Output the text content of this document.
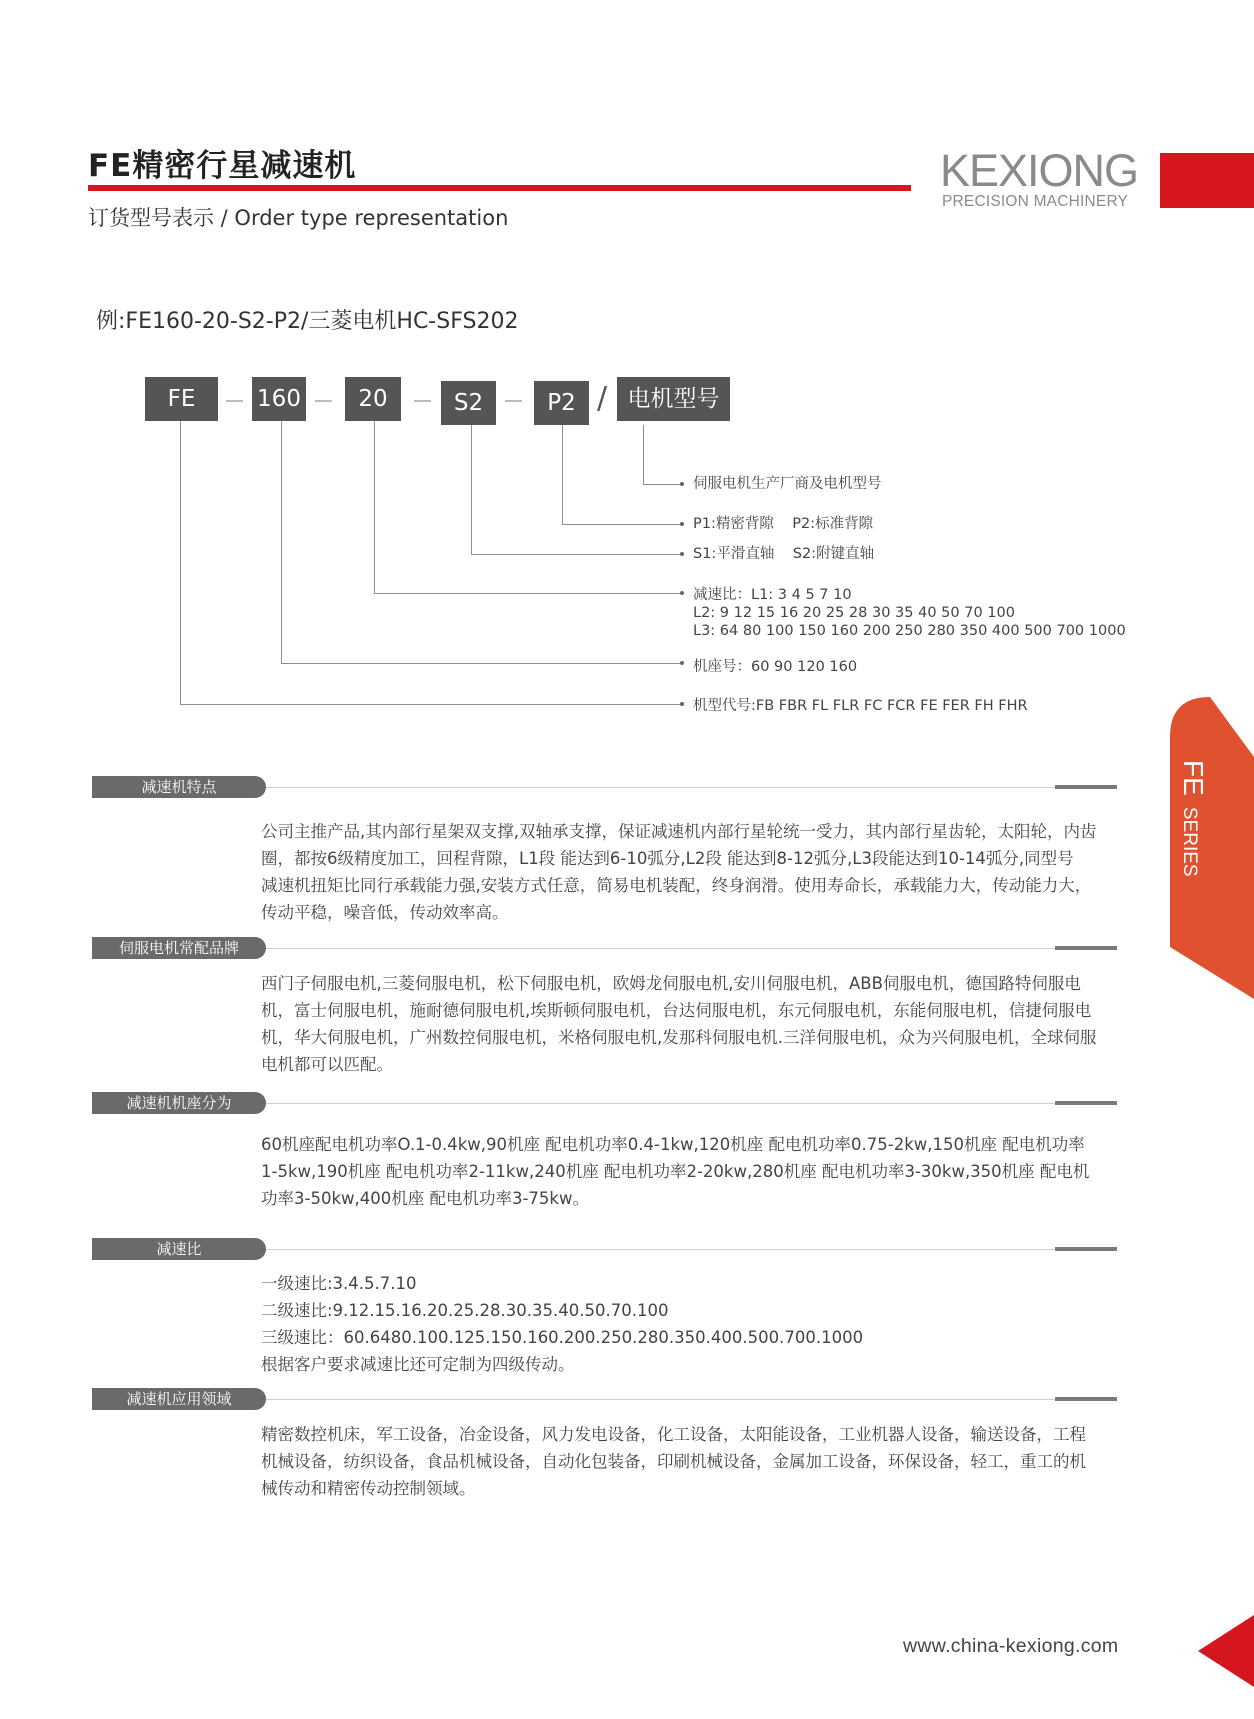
FE精密行星减速机
订货型号表示 / Order type representation
KEXIONG
PRECISION MACHINERY
例:FE160-20-S2-P2/三菱电机HC-SFS202
FE	160	20	S2	P2 / 电机型号
伺服电机生产厂商及电机型号
P1:精密背隙    P2:标准背隙
S1:平滑直轴    S2:附键直轴
减速比：L1: 3 4 5 7 10
L2: 9 12 15 16 20 25 28 30 35 40 50 70 100
L3: 64 80 100 150 160 200 250 280 350 400 500 700 1000
机座号：60 90 120 160
机型代号:FB FBR FL FLR FC FCR FE FER FH FHR
减速机特点

公司主推产品,其内部行星架双支撑,双轴承支撑，保证减速机内部行星轮统一受力，其内部行星齿轮，太阳轮，内齿

圈，都按6级精度加工，回程背隙，L1段 能达到6-10弧分,L2段 能达到8-12弧分,L3段能达到10-14弧分,同型号

减速机扭矩比同行承载能力强,安装方式任意，简易电机装配，终身润滑。使用寿命长，承载能力大，传动能力大，

传动平稳，噪音低，传动效率高。

伺服电机常配品牌

西门子伺服电机,三菱伺服电机，松下伺服电机，欧姆龙伺服电机,安川伺服电机，ABB伺服电机，德国路特伺服电

机，富士伺服电机，施耐德伺服电机,埃斯顿伺服电机，台达伺服电机，东元伺服电机，东能伺服电机，信捷伺服电

机，华大伺服电机，广州数控伺服电机，米格伺服电机,发那科伺服电机.三洋伺服电机，众为兴伺服电机，全球伺服

电机都可以匹配。

减速机机座分为

60机座配电机功率O.1-0.4kw,90机座 配电机功率0.4-1kw,120机座 配电机功率0.75-2kw,150机座 配电机功率

1-5kw,190机座 配电机功率2-11kw,240机座 配电机功率2-20kw,280机座 配电机功率3-30kw,350机座 配电机

功率3-50kw,400机座 配电机功率3-75kw。

减速比

一级速比:3.4.5.7.10

二级速比:9.12.15.16.20.25.28.30.35.40.50.70.100

三级速比：60.6480.100.125.150.160.200.250.280.350.400.500.700.1000

根据客户要求减速比还可定制为四级传动。

减速机应用领域

精密数控机床，军工设备，冶金设备，风力发电设备，化工设备，太阳能设备，工业机器人设备，输送设备，工程

机械设备，纺织设备，食品机械设备，自动化包装备，印刷机械设备，金属加工设备，环保设备，轻工，重工的机

械传动和精密传动控制领域。

FE SERIES
www.china-kexiong.com
